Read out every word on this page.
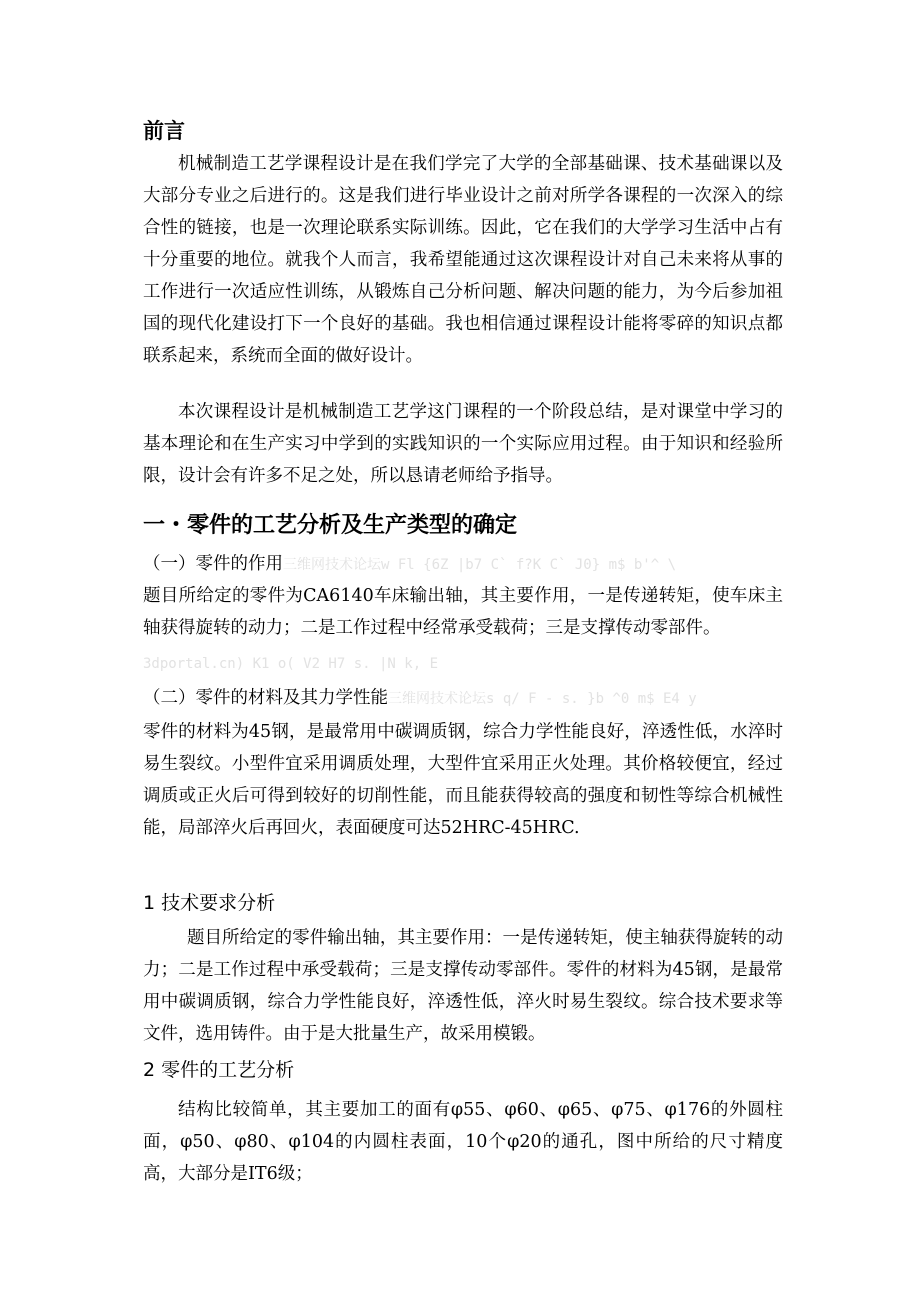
前言

机械制造工艺学课程设计是在我们学完了大学的全部基础课、技术基础课以及大部分专业之后进行的。这是我们进行毕业设计之前对所学各课程的一次深入的综合性的链接，也是一次理论联系实际训练。因此，它在我们的大学学习生活中占有十分重要的地位。就我个人而言，我希望能通过这次课程设计对自己未来将从事的工作进行一次适应性训练，从锻炼自己分析问题、解决问题的能力，为今后参加祖国的现代化建设打下一个良好的基础。我也相信通过课程设计能将零碎的知识点都联系起来，系统而全面的做好设计。

本次课程设计是机械制造工艺学这门课程的一个阶段总结，是对课堂中学习的基本理论和在生产实习中学到的实践知识的一个实际应用过程。由于知识和经验所限，设计会有许多不足之处，所以恳请老师给予指导。

一・零件的工艺分析及生产类型的确定
（一）零件的作用三维网技术论坛w Fl {6Z |b7 C` f?K C` J0} m$ b'^ \

题目所给定的零件为CA6140车床输出轴，其主要作用，一是传递转矩，使车床主轴获得旋转的动力；二是工作过程中经常承受载荷；三是支撑传动零部件。

3dportal.cn) K1 o( V2 H7 s. |N k, E
（二）零件的材料及其力学性能三维网技术论坛s q/ F - s. }b ^0 m$ E4 y

零件的材料为45钢，是最常用中碳调质钢，综合力学性能良好，淬透性低，水淬时易生裂纹。小型件宜采用调质处理，大型件宜采用正火处理。其价格较便宜，经过调质或正火后可得到较好的切削性能，而且能获得较高的强度和韧性等综合机械性能，局部淬火后再回火，表面硬度可达52HRC-45HRC.

1 技术要求分析

题目所给定的零件输出轴，其主要作用：一是传递转矩，使主轴获得旋转的动力；二是工作过程中承受载荷；三是支撑传动零部件。零件的材料为45钢，是最常用中碳调质钢，综合力学性能良好，淬透性低，淬火时易生裂纹。综合技术要求等文件，选用铸件。由于是大批量生产，故采用模锻。

2 零件的工艺分析

结构比较简单，其主要加工的面有φ55、φ60、φ65、φ75、φ176的外圆柱面，φ50、φ80、φ104的内圆柱表面，10个φ20的通孔，图中所给的尺寸精度高，大部分是IT6级；
